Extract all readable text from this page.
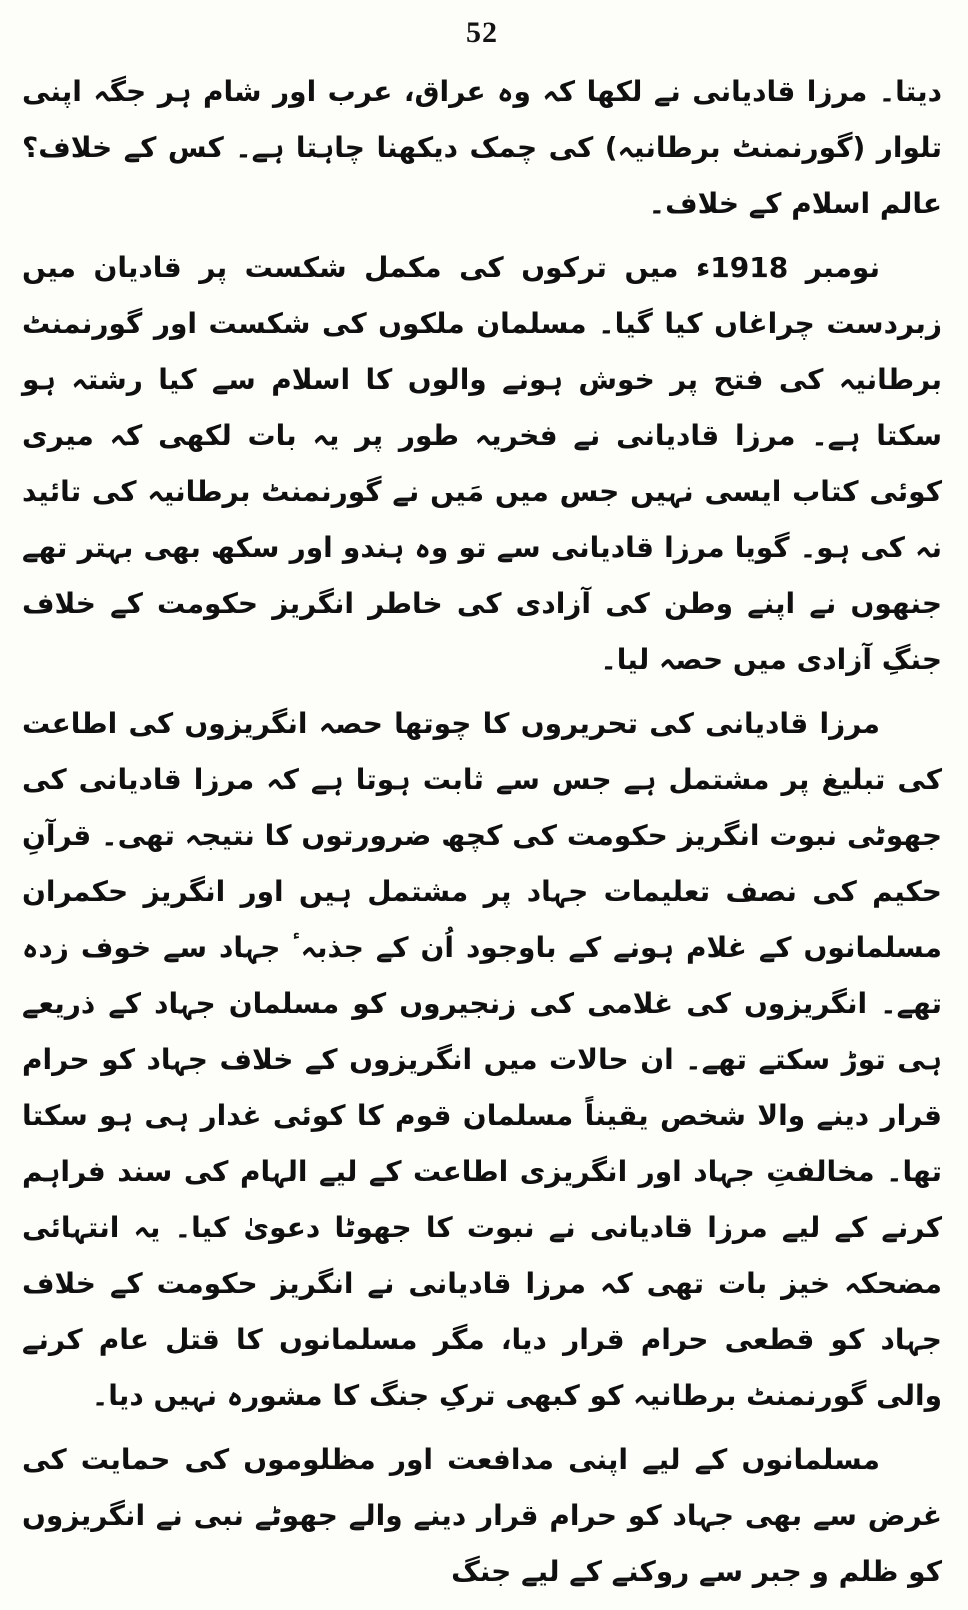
52

دیتا۔ مرزا قادیانی نے لکھا کہ وہ عراق، عرب اور شام ہر جگہ اپنی تلوار (گورنمنٹ برطانیہ) کی چمک دیکھنا چاہتا ہے۔ کس کے خلاف؟ عالم اسلام کے خلاف۔

نومبر 1918ء میں ترکوں کی مکمل شکست پر قادیان میں زبردست چراغاں کیا گیا۔ مسلمان ملکوں کی شکست اور گورنمنٹ برطانیہ کی فتح پر خوش ہونے والوں کا اسلام سے کیا رشتہ ہو سکتا ہے۔ مرزا قادیانی نے فخریہ طور پر یہ بات لکھی کہ میری کوئی کتاب ایسی نہیں جس میں مَیں نے گورنمنٹ برطانیہ کی تائید نہ کی ہو۔ گویا مرزا قادیانی سے تو وہ ہندو اور سکھ بھی بہتر تھے جنھوں نے اپنے وطن کی آزادی کی خاطر انگریز حکومت کے خلاف جنگِ آزادی میں حصہ لیا۔

مرزا قادیانی کی تحریروں کا چوتھا حصہ انگریزوں کی اطاعت کی تبلیغ پر مشتمل ہے جس سے ثابت ہوتا ہے کہ مرزا قادیانی کی جھوٹی نبوت انگریز حکومت کی کچھ ضرورتوں کا نتیجہ تھی۔ قرآنِ حکیم کی نصف تعلیمات جہاد پر مشتمل ہیں اور انگریز حکمران مسلمانوں کے غلام ہونے کے باوجود اُن کے جذبہٴ جہاد سے خوف زدہ تھے۔ انگریزوں کی غلامی کی زنجیروں کو مسلمان جہاد کے ذریعے ہی توڑ سکتے تھے۔ ان حالات میں انگریزوں کے خلاف جہاد کو حرام قرار دینے والا شخص یقیناً مسلمان قوم کا کوئی غدار ہی ہو سکتا تھا۔ مخالفتِ جہاد اور انگریزی اطاعت کے لیے الہام کی سند فراہم کرنے کے لیے مرزا قادیانی نے نبوت کا جھوٹا دعویٰ کیا۔ یہ انتہائی مضحکہ خیز بات تھی کہ مرزا قادیانی نے انگریز حکومت کے خلاف جہاد کو قطعی حرام قرار دیا، مگر مسلمانوں کا قتل عام کرنے والی گورنمنٹ برطانیہ کو کبھی ترکِ جنگ کا مشورہ نہیں دیا۔

مسلمانوں کے لیے اپنی مدافعت اور مظلوموں کی حمایت کی غرض سے بھی جہاد کو حرام قرار دینے والے جھوٹے نبی نے انگریزوں کو ظلم و جبر سے روکنے کے لیے جنگ
